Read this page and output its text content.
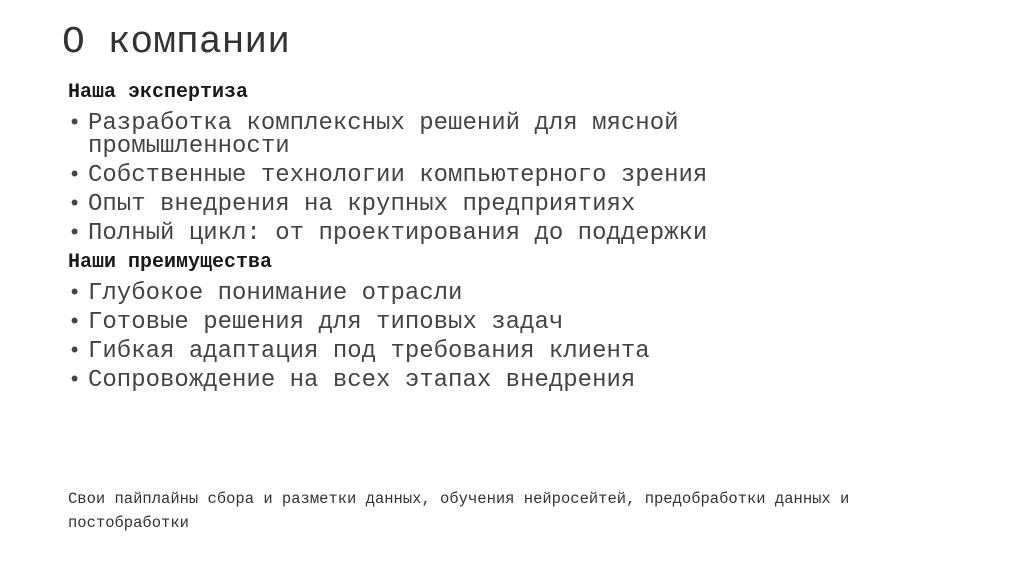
О компании

Наша экспертиза

• Разработка комплексных решений для мясной промышленности
• Собственные технологии компьютерного зрения
• Опыт внедрения на крупных предприятиях
• Полный цикл: от проектирования до поддержки

Наши преимущества

• Глубокое понимание отрасли
• Готовые решения для типовых задач
• Гибкая адаптация под требования клиента
• Сопровождение на всех этапах внедрения
Свои пайплайны сбора и разметки данных, обучения нейросейтей, предобработки данных и постобработки
